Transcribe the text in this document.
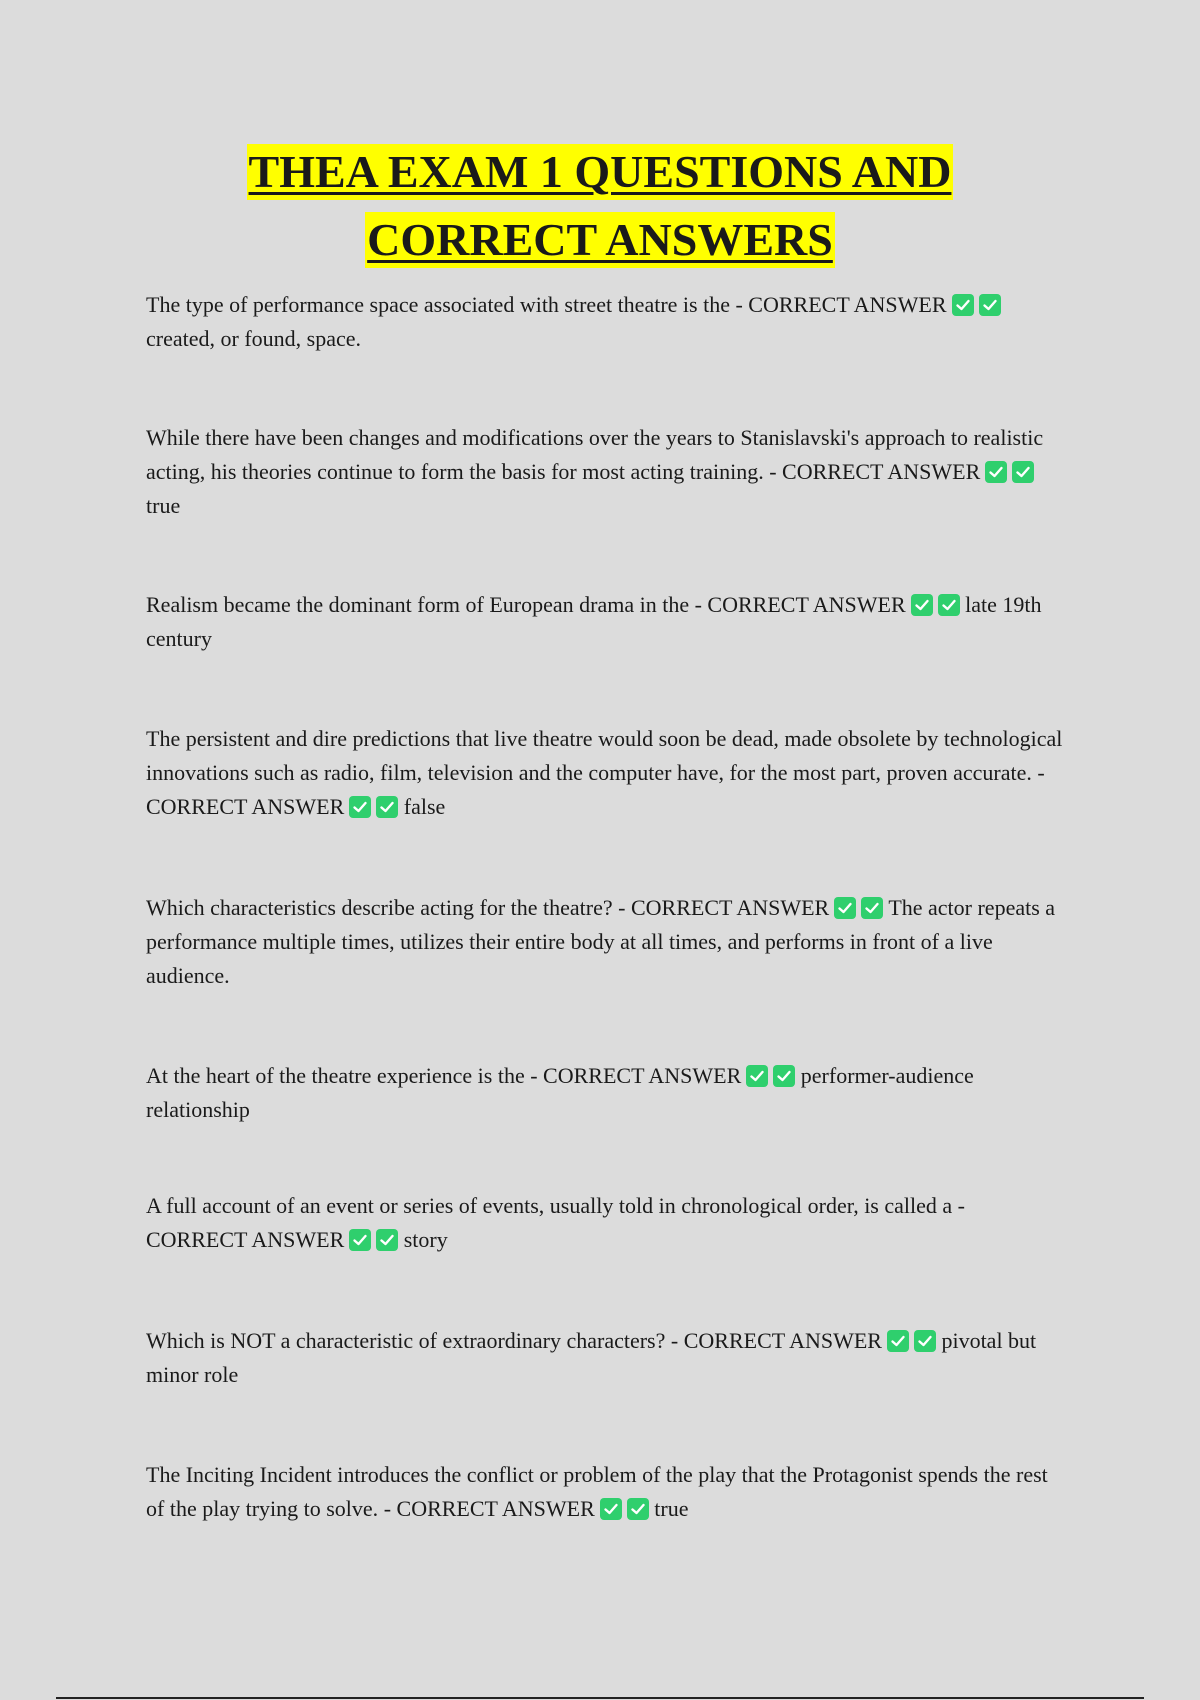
THEA EXAM 1 QUESTIONS AND
CORRECT ANSWERS

The type of performance space associated with street theatre is the - CORRECT ANSWER
created, or found, space.

While there have been changes and modifications over the years to Stanislavski's approach to realistic acting, his theories continue to form the basis for most acting training. - CORRECT ANSWER
true

Realism became the dominant form of European drama in the - CORRECT ANSWER	late 19th century

The persistent and dire predictions that live theatre would soon be dead, made obsolete by technological innovations such as radio, film, television and the computer have, for the most part, proven accurate. - CORRECT ANSWER	false

Which characteristics describe acting for the theatre? - CORRECT ANSWER	The actor repeats a performance multiple times, utilizes their entire body at all times, and performs in front of a live audience.

At the heart of the theatre experience is the - CORRECT ANSWER	performer-audience relationship

A full account of an event or series of events, usually told in chronological order, is called a - CORRECT ANSWER	story

Which is NOT a characteristic of extraordinary characters? - CORRECT ANSWER	pivotal but minor role

The Inciting Incident introduces the conflict or problem of the play that the Protagonist spends the rest of the play trying to solve. - CORRECT ANSWER	true
